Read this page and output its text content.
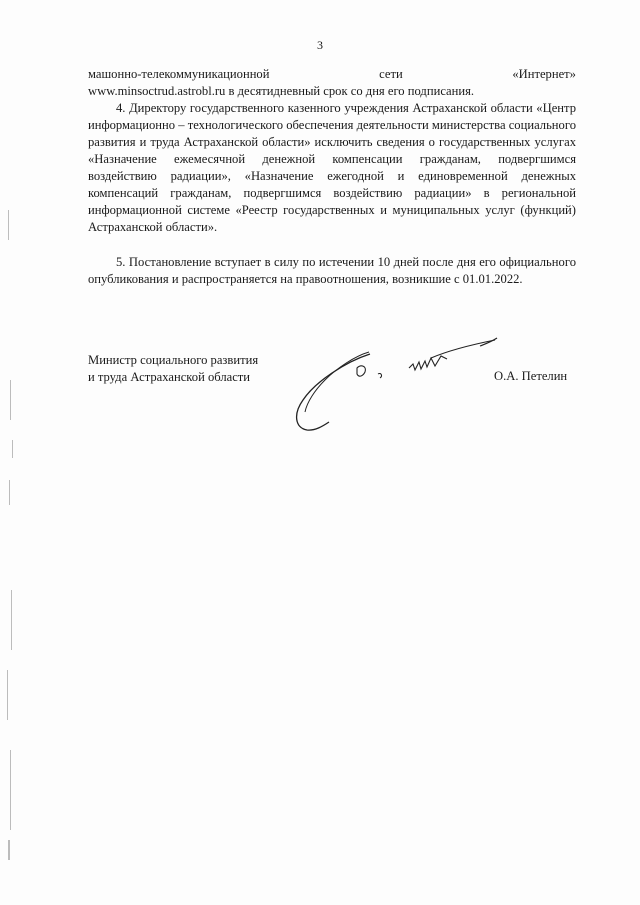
3
машонно-телекоммуникационной	сети	«Интернет»
www.minsoctrud.astrobl.ru в десятидневный срок со дня его подписания.

4. Директору государственного казенного учреждения Астраханской области «Центр информационно – технологического обеспечения деятельности министерства социального развития и труда Астраханской области» исключить сведения о государственных услугах «Назначение ежемесячной денежной компенсации гражданам, подвергшимся воздействию радиации», «Назначение ежегодной и единовременной денежных компенсаций гражданам, подвергшимся воздействию радиации» в региональной информационной системе «Реестр государственных и муниципальных услуг (функций) Астраханской области».

5. Постановление вступает в силу по истечении 10 дней после дня его официального опубликования и распространяется на правоотношения, возникшие с 01.01.2022.

Министр социального развития
и труда Астраханской области	О.А. Петелин
